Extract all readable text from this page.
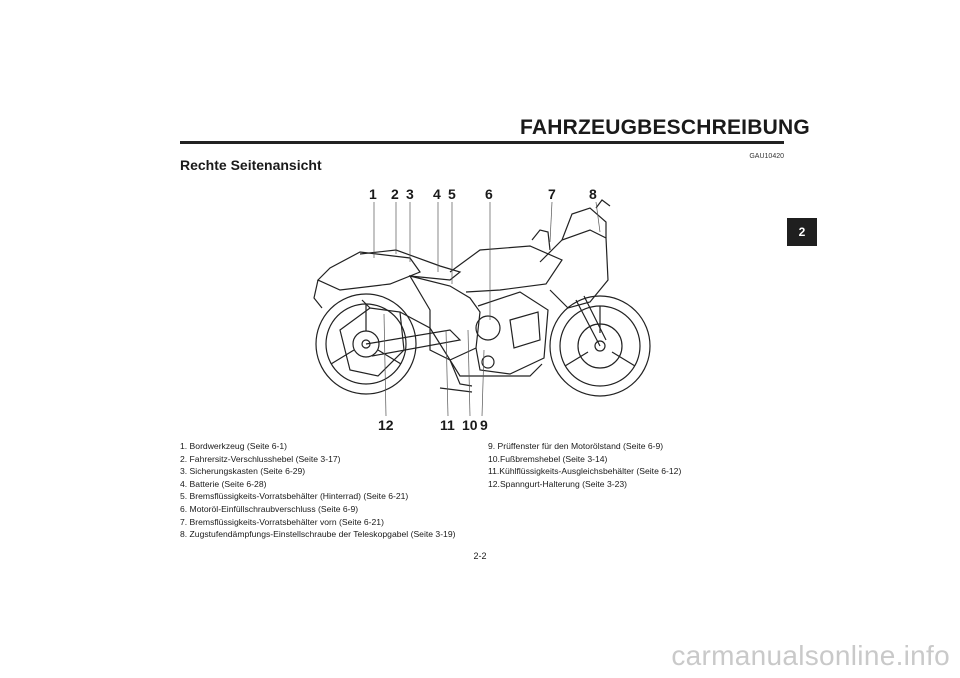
FAHRZEUGBESCHREIBUNG
GAU10420
Rechte Seitenansicht
2
1 2 3 4 5 6	7 8
12	11 10 9
1. Bordwerkzeug (Seite 6-1)
2. Fahrersitz-Verschlusshebel (Seite 3-17)
3. Sicherungskasten (Seite 6-29)
4. Batterie (Seite 6-28)
5. Bremsflüssigkeits-Vorratsbehälter (Hinterrad) (Seite 6-21)
6. Motoröl-Einfüllschraubverschluss (Seite 6-9)
7. Bremsflüssigkeits-Vorratsbehälter vorn (Seite 6-21)
8. Zugstufendämpfungs-Einstellschraube der Teleskopgabel (Seite 3-19)
9. Prüffenster für den Motorölstand (Seite 6-9)
10.Fußbremshebel (Seite 3-14)
11.Kühlflüssigkeits-Ausgleichsbehälter (Seite 6-12)
12.Spanngurt-Halterung (Seite 3-23)
2-2
carmanualsonline.info
